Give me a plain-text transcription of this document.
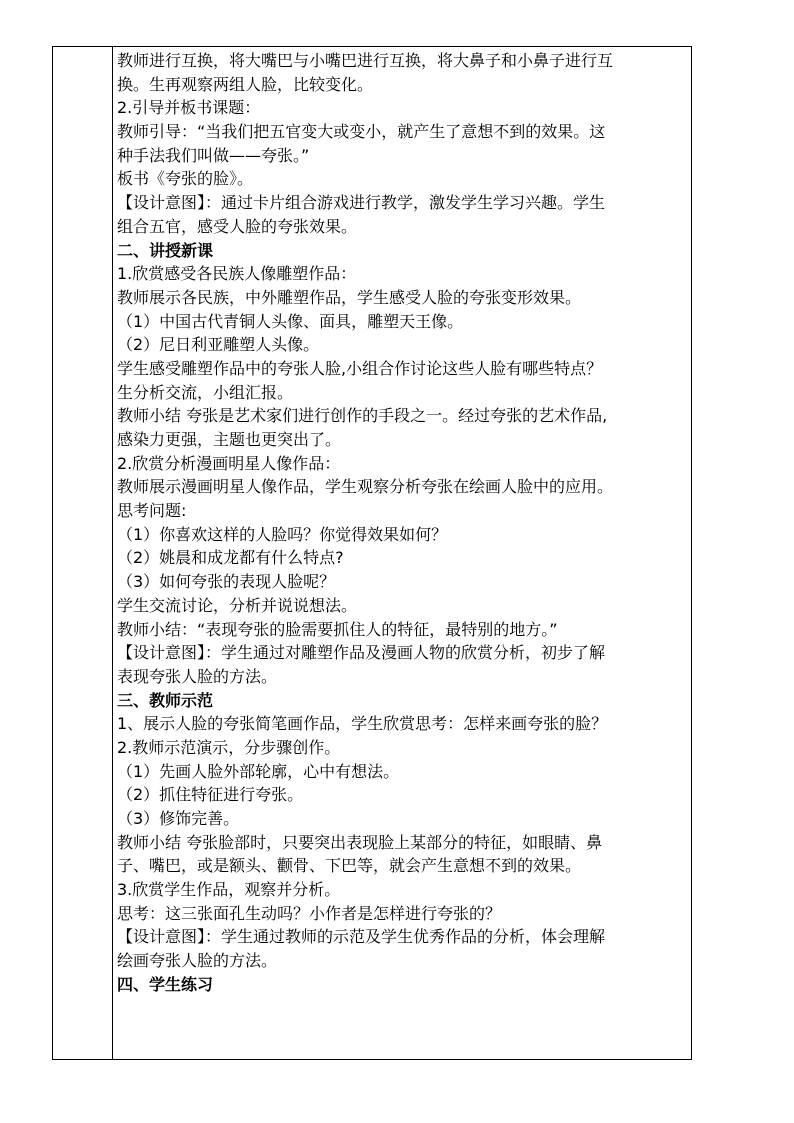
教师进行互换，将大嘴巴与小嘴巴进行互换，将大鼻子和小鼻子进行互
换。生再观察两组人脸，比较变化。
2.引导并板书课题：
教师引导：“当我们把五官变大或变小，就产生了意想不到的效果。这
种手法我们叫做——夸张。”
板书《夸张的脸》。
【设计意图】：通过卡片组合游戏进行教学，激发学生学习兴趣。学生
组合五官，感受人脸的夸张效果。
二、讲授新课
1.欣赏感受各民族人像雕塑作品：
教师展示各民族，中外雕塑作品，学生感受人脸的夸张变形效果。
（1）中国古代青铜人头像、面具，雕塑天王像。
（2）尼日利亚雕塑人头像。
学生感受雕塑作品中的夸张人脸,小组合作讨论这些人脸有哪些特点？
生分析交流，小组汇报。
教师小结 夸张是艺术家们进行创作的手段之一。经过夸张的艺术作品,
感染力更强，主题也更突出了。
2.欣赏分析漫画明星人像作品：
教师展示漫画明星人像作品，学生观察分析夸张在绘画人脸中的应用。
思考问题:
（1）你喜欢这样的人脸吗？你觉得效果如何？
（2）姚晨和成龙都有什么特点?
（3）如何夸张的表现人脸呢？
学生交流讨论，分析并说说想法。
教师小结：“表现夸张的脸需要抓住人的特征，最特别的地方。”
【设计意图】：学生通过对雕塑作品及漫画人物的欣赏分析，初步了解
表现夸张人脸的方法。
三、教师示范
1、展示人脸的夸张简笔画作品，学生欣赏思考：怎样来画夸张的脸？
2.教师示范演示，分步骤创作。
（1）先画人脸外部轮廓，心中有想法。
（2）抓住特征进行夸张。
（3）修饰完善。
教师小结 夸张脸部时，只要突出表现脸上某部分的特征，如眼睛、鼻
子、嘴巴，或是额头、颧骨、下巴等，就会产生意想不到的效果。
3.欣赏学生作品，观察并分析。
思考：这三张面孔生动吗？小作者是怎样进行夸张的？
【设计意图】：学生通过教师的示范及学生优秀作品的分析，体会理解
绘画夸张人脸的方法。
四、学生练习
